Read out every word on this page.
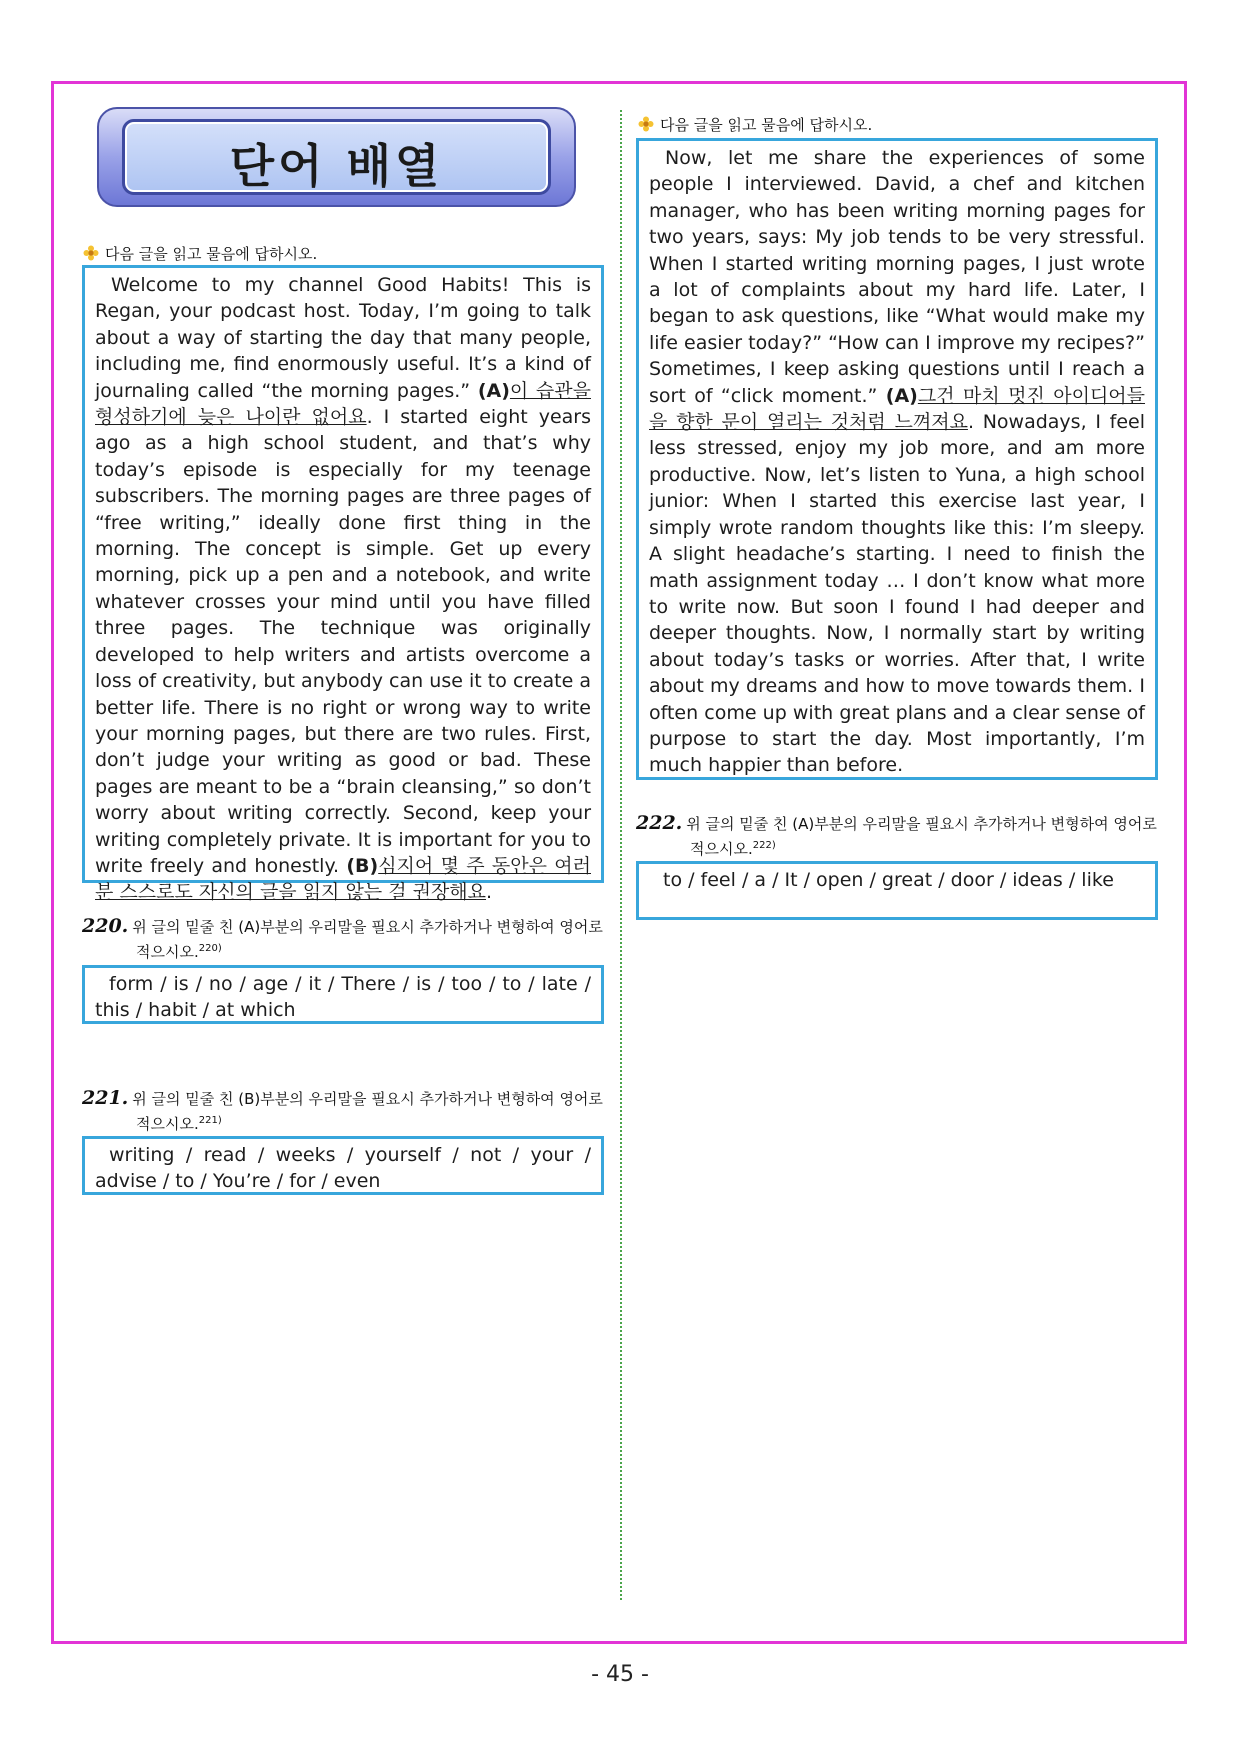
단어 배열
다음 글을 읽고 물음에 답하시오.
Welcome to my channel Good Habits! This is Regan, your podcast host. Today, I’m going to talk about a way of starting the day that many people, including me, find enormously useful. It’s a kind of journaling called “the morning pages.” (A)이 습관을 형성하기에 늦은 나이란 없어요. I started eight years ago as a high school student, and that’s why today’s episode is especially for my teenage subscribers. The morning pages are three pages of “free writing,” ideally done first thing in the morning. The concept is simple. Get up every morning, pick up a pen and a notebook, and write whatever crosses your mind until you have filled three pages. The technique was originally developed to help writers and artists overcome a loss of creativity, but anybody can use it to create a better life. There is no right or wrong way to write your morning pages, but there are two rules. First, don’t judge your writing as good or bad. These pages are meant to be a “brain cleansing,” so don’t worry about writing correctly. Second, keep your writing completely private. It is important for you to write freely and honestly. (B)심지어 몇 주 동안은 여러분 스스로도 자신의 글을 읽지 않는 걸 권장해요.
220. 위 글의 밑줄 친 (A)부분의 우리말을 필요시 추가하거나 변형하여 영어로 적으시오.$^{220)}$
form / is / no / age / it / There / is / too / to / late / this / habit / at which
221. 위 글의 밑줄 친 (B)부분의 우리말을 필요시 추가하거나 변형하여 영어로 적으시오.$^{221)}$
writing / read / weeks / yourself / not / your / advise / to / You’re / for / even
다음 글을 읽고 물음에 답하시오.
Now, let me share the experiences of some people I interviewed. David, a chef and kitchen manager, who has been writing morning pages for two years, says: My job tends to be very stressful. When I started writing morning pages, I just wrote a lot of complaints about my hard life. Later, I began to ask questions, like “What would make my life easier today?” “How can I improve my recipes?” Sometimes, I keep asking questions until I reach a sort of “click moment.” (A)그건 마치 멋진 아이디어들을 향한 문이 열리는 것처럼 느껴져요. Nowadays, I feel less stressed, enjoy my job more, and am more productive. Now, let’s listen to Yuna, a high school junior: When I started this exercise last year, I simply wrote random thoughts like this: I’m sleepy. A slight headache’s starting. I need to finish the math assignment today … I don’t know what more to write now. But soon I found I had deeper and deeper thoughts. Now, I normally start by writing about today’s tasks or worries. After that, I write about my dreams and how to move towards them. I often come up with great plans and a clear sense of purpose to start the day. Most importantly, I’m much happier than before.
222. 위 글의 밑줄 친 (A)부분의 우리말을 필요시 추가하거나 변형하여 영어로 적으시오.$^{222)}$
to / feel / a / It / open / great / door / ideas / like
- 45 -
